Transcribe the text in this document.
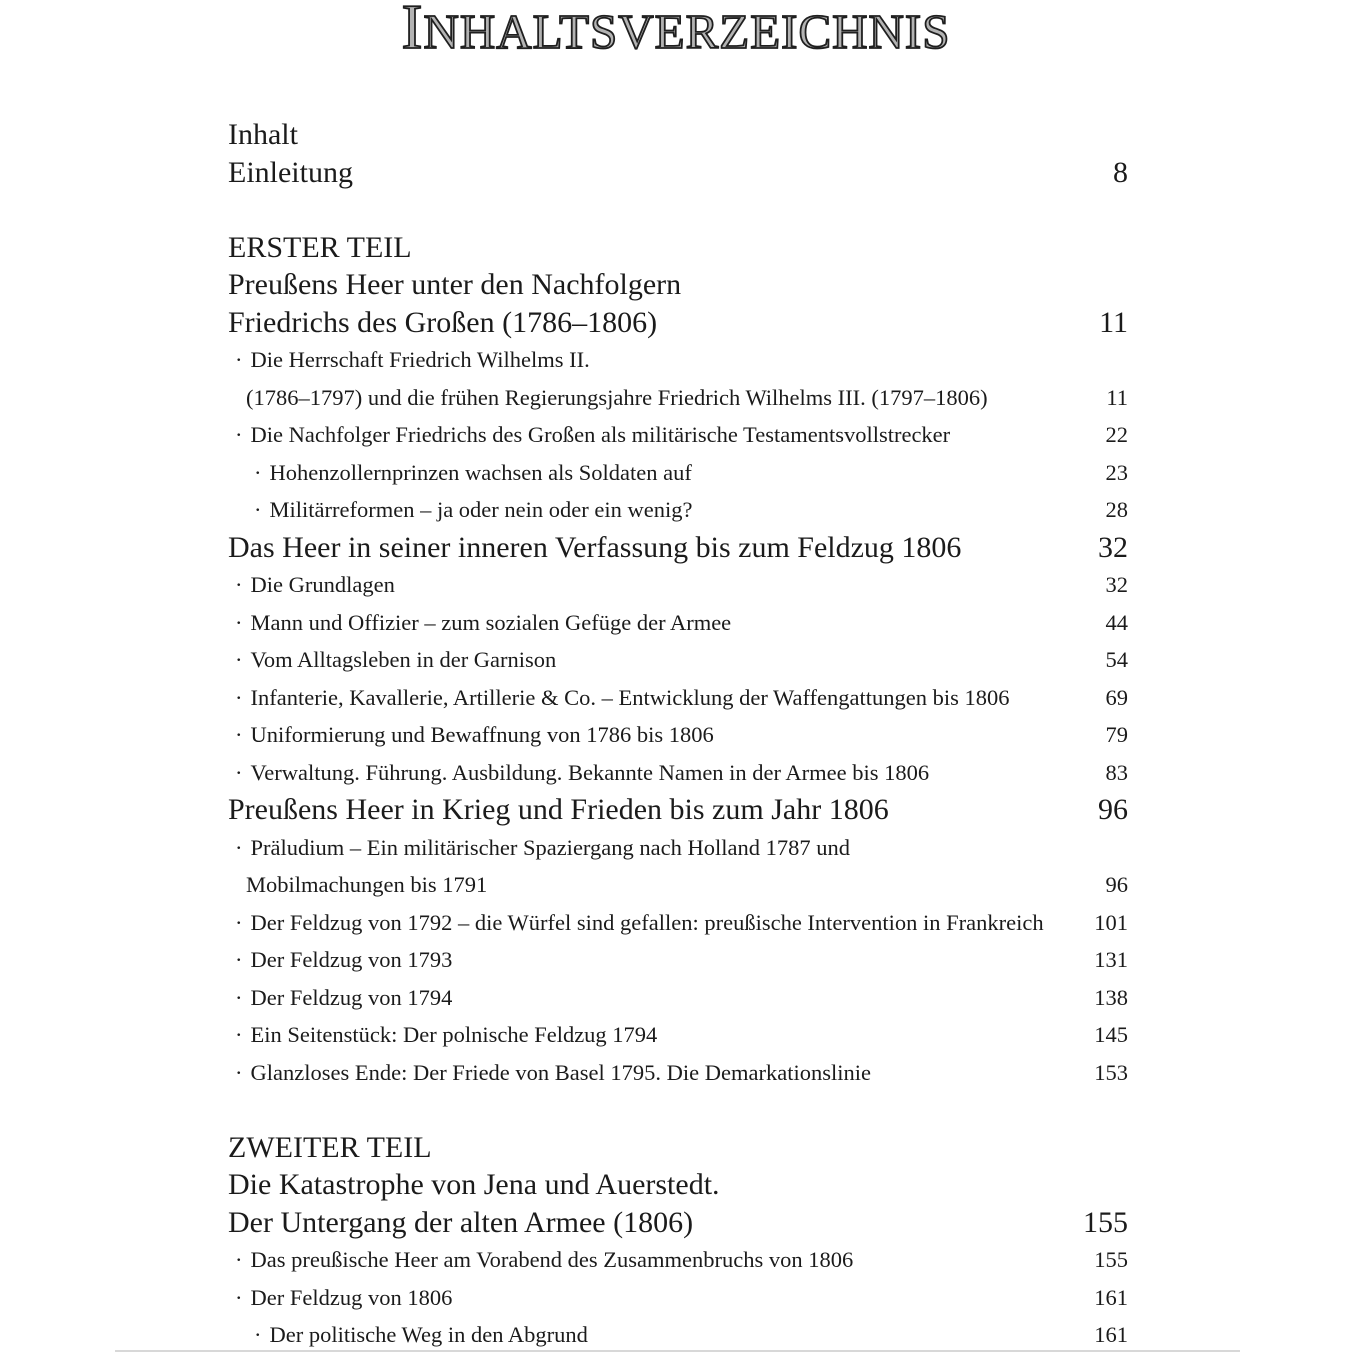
INHALTSVERZEICHNIS
Inhalt
Einleitung	8
ERSTER TEIL
Preußens Heer unter den Nachfolgern
Friedrichs des Großen (1786–1806)	11
· Die Herrschaft Friedrich Wilhelms II.
(1786–1797) und die frühen Regierungsjahre Friedrich Wilhelms III. (1797–1806)	11
· Die Nachfolger Friedrichs des Großen als militärische Testamentsvollstrecker	22
· Hohenzollernprinzen wachsen als Soldaten auf	23
· Militärreformen – ja oder nein oder ein wenig?	28
Das Heer in seiner inneren Verfassung bis zum Feldzug 1806	32
· Die Grundlagen	32
· Mann und Offizier – zum sozialen Gefüge der Armee	44
· Vom Alltagsleben in der Garnison	54
· Infanterie, Kavallerie, Artillerie & Co. – Entwicklung der Waffengattungen bis 1806	69
· Uniformierung und Bewaffnung von 1786 bis 1806	79
· Verwaltung. Führung. Ausbildung. Bekannte Namen in der Armee bis 1806	83
Preußens Heer in Krieg und Frieden bis zum Jahr 1806	96
· Präludium – Ein militärischer Spaziergang nach Holland 1787 und
Mobilmachungen bis 1791	96
· Der Feldzug von 1792 – die Würfel sind gefallen: preußische Intervention in Frankreich	101
· Der Feldzug von 1793	131
· Der Feldzug von 1794	138
· Ein Seitenstück: Der polnische Feldzug 1794	145
· Glanzloses Ende: Der Friede von Basel 1795. Die Demarkationslinie	153
ZWEITER TEIL
Die Katastrophe von Jena und Auerstedt.
Der Untergang der alten Armee (1806)	155
· Das preußische Heer am Vorabend des Zusammenbruchs von 1806	155
· Der Feldzug von 1806	161
· Der politische Weg in den Abgrund	161
